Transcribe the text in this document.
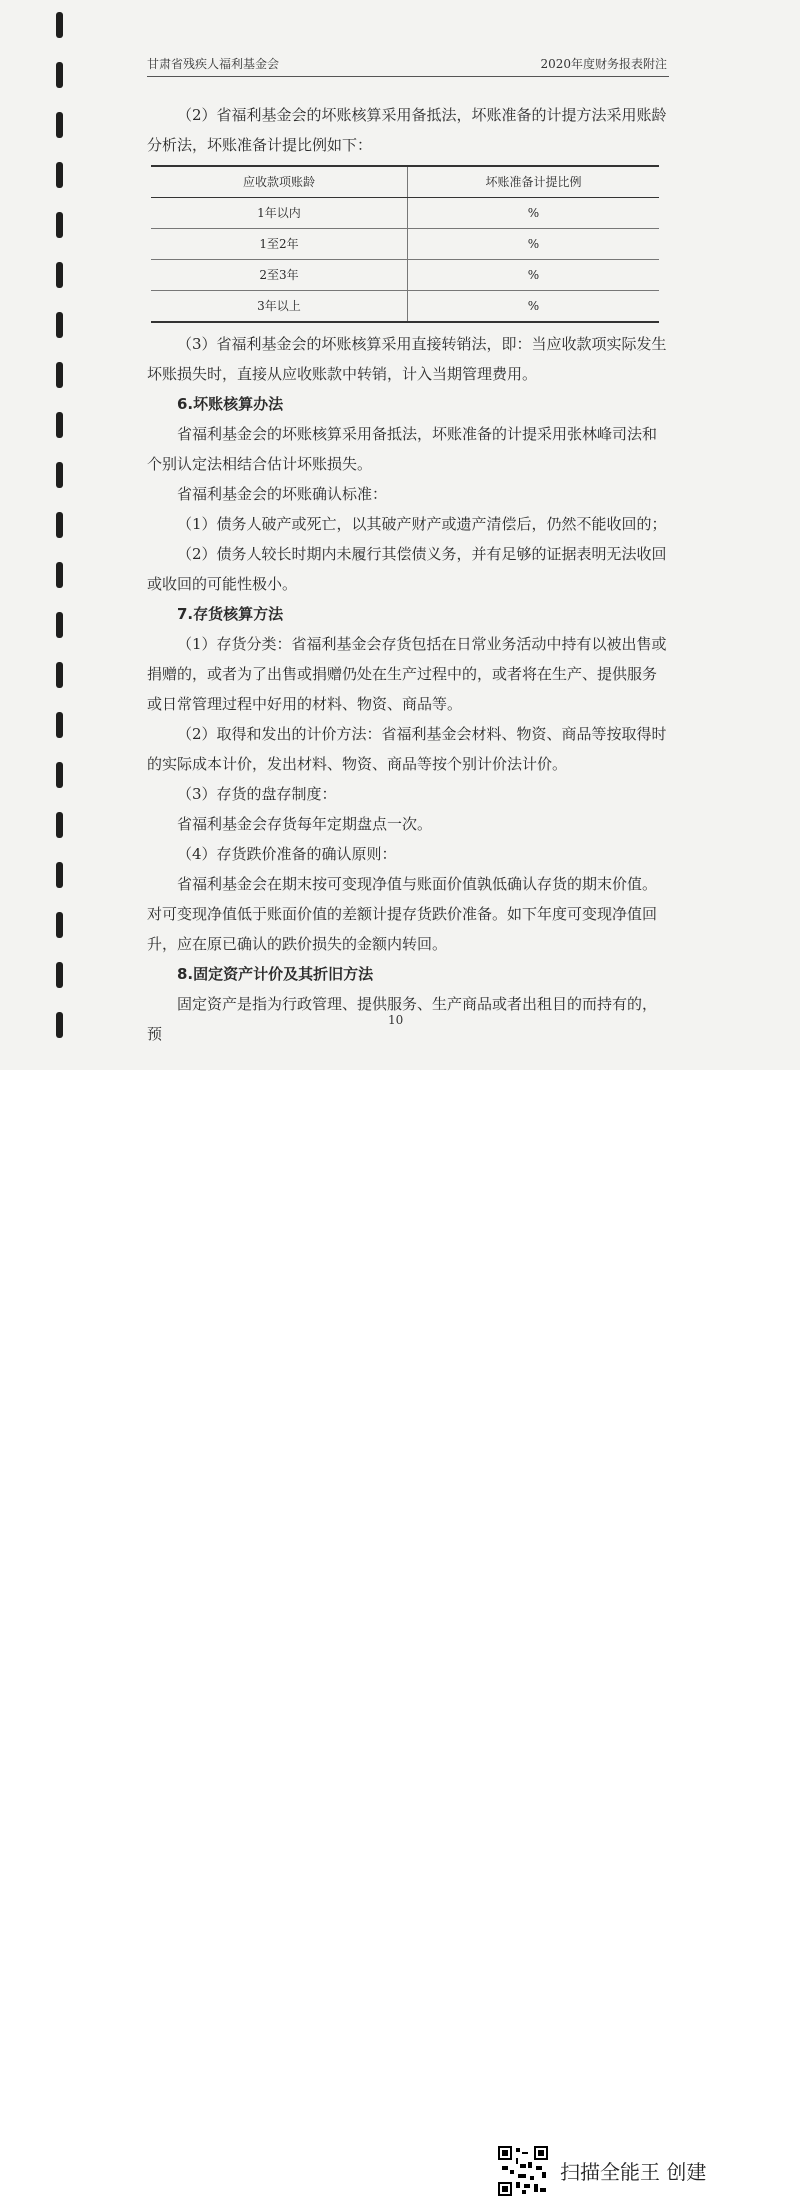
甘肃省残疾人福利基金会	2020年度财务报表附注

（2）省福利基金会的坏账核算采用备抵法，坏账准备的计提方法采用账龄分析法，坏账准备计提比例如下：

应收款项账龄	坏账准备计提比例
1年以内	%
1至2年	%
2至3年	%
3年以上	%

（3）省福利基金会的坏账核算采用直接转销法，即：当应收款项实际发生坏账损失时，直接从应收账款中转销，计入当期管理费用。

6.坏账核算办法

省福利基金会的坏账核算采用备抵法，坏账准备的计提采用张林峰司法和个别认定法相结合估计坏账损失。

省福利基金会的坏账确认标准：

（1）债务人破产或死亡，以其破产财产或遗产清偿后，仍然不能收回的；

（2）债务人较长时期内未履行其偿债义务，并有足够的证据表明无法收回或收回的可能性极小。

7.存货核算方法

（1）存货分类：省福利基金会存货包括在日常业务活动中持有以被出售或捐赠的，或者为了出售或捐赠仍处在生产过程中的，或者将在生产、提供服务或日常管理过程中好用的材料、物资、商品等。

（2）取得和发出的计价方法：省福利基金会材料、物资、商品等按取得时的实际成本计价，发出材料、物资、商品等按个别计价法计价。

（3）存货的盘存制度：

省福利基金会存货每年定期盘点一次。

（4）存货跌价准备的确认原则：

省福利基金会在期末按可变现净值与账面价值孰低确认存货的期末价值。对可变现净值低于账面价值的差额计提存货跌价准备。如下年度可变现净值回升，应在原已确认的跌价损失的金额内转回。

8.固定资产计价及其折旧方法

固定资产是指为行政管理、提供服务、生产商品或者出租目的而持有的，预

10
扫描全能王 创建
